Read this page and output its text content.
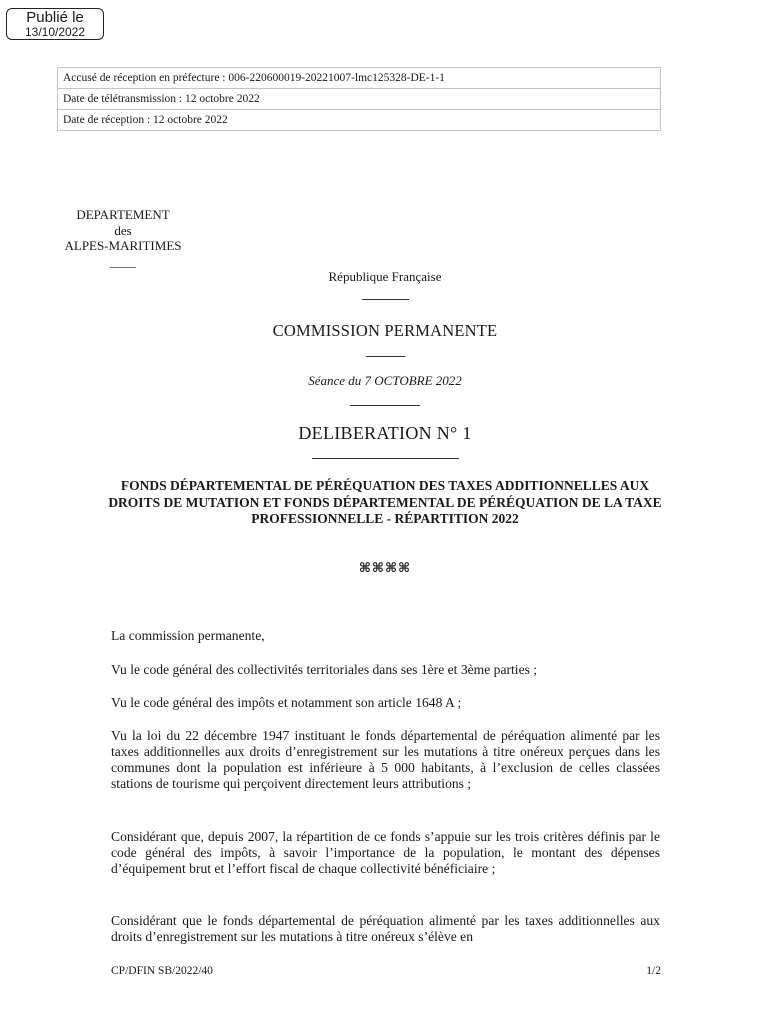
Publié le
13/10/2022
Accusé de réception en préfecture : 006-220600019-20221007-lmc125328-DE-1-1
Date de télétransmission : 12 octobre 2022
Date de réception : 12 octobre 2022
DEPARTEMENT
des
ALPES-MARITIMES
____
République Française
COMMISSION PERMANENTE
Séance du 7 OCTOBRE 2022
DELIBERATION N° 1
FONDS DÉPARTEMENTAL DE PÉRÉQUATION DES TAXES ADDITIONNELLES AUX DROITS DE MUTATION ET FONDS DÉPARTEMENTAL DE PÉRÉQUATION DE LA TAXE PROFESSIONNELLE - RÉPARTITION 2022
⌘⌘⌘⌘

La commission permanente,

Vu le code général des collectivités territoriales dans ses 1ère et 3ème parties ;

Vu le code général des impôts et notamment son article 1648 A ;

Vu la loi du 22 décembre 1947 instituant le fonds départemental de péréquation alimenté par les taxes additionnelles aux droits d’enregistrement sur les mutations à titre onéreux perçues dans les communes dont la population est inférieure à 5 000 habitants, à l’exclusion de celles classées stations de tourisme qui perçoivent directement leurs attributions ;

Considérant que, depuis 2007, la répartition de ce fonds s’appuie sur les trois critères définis par le code général des impôts, à savoir l’importance de la population, le montant des dépenses d’équipement brut et l’effort fiscal de chaque collectivité bénéficiaire ;

Considérant que le fonds départemental de péréquation alimenté par les taxes additionnelles aux droits d’enregistrement sur les mutations à titre onéreux s’élève en

CP/DFIN SB/2022/40	1/2
